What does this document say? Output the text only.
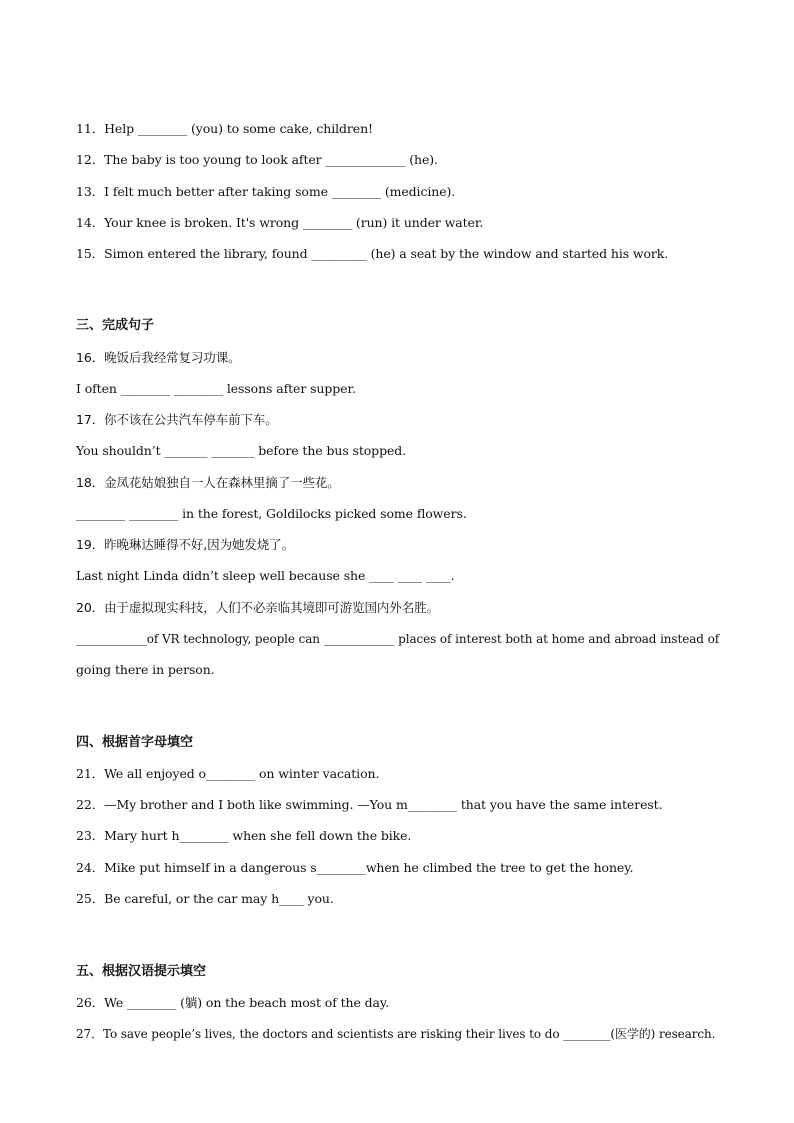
11．Help ________ (you) to some cake, children!
12．The baby is too young to look after _____________ (he).
13．I felt much better after taking some ________ (medicine).
14．Your knee is broken. It's wrong ________ (run) it under water.
15．Simon entered the library, found _________ (he) a seat by the window and started his work.
三、完成句子
16．晚饭后我经常复习功课。
I often ________ ________ lessons after supper.
17．你不该在公共汽车停车前下车。
You shouldn’t _______ _______ before the bus stopped.
18．金凤花姑娘独自一人在森林里摘了一些花。
________ ________ in the forest, Goldilocks picked some flowers.
19．昨晚琳达睡得不好,因为她发烧了。
Last night Linda didn’t sleep well because she ____ ____ ____.
20．由于虚拟现实科技，人们不必亲临其境即可游览国内外名胜。
____________of VR technology, people can ____________ places of interest both at home and abroad instead of
going there in person.
四、根据首字母填空
21．We all enjoyed o________ on winter vacation.
22．—My brother and I both like swimming. —You m________ that you have the same interest.
23．Mary hurt h________ when she fell down the bike.
24．Mike put himself in a dangerous s________when he climbed the tree to get the honey.
25．Be careful, or the car may h____ you.
五、根据汉语提示填空
26．We ________ (躺) on the beach most of the day.
27．To save people’s lives, the doctors and scientists are risking their lives to do ________(医学的) research.
